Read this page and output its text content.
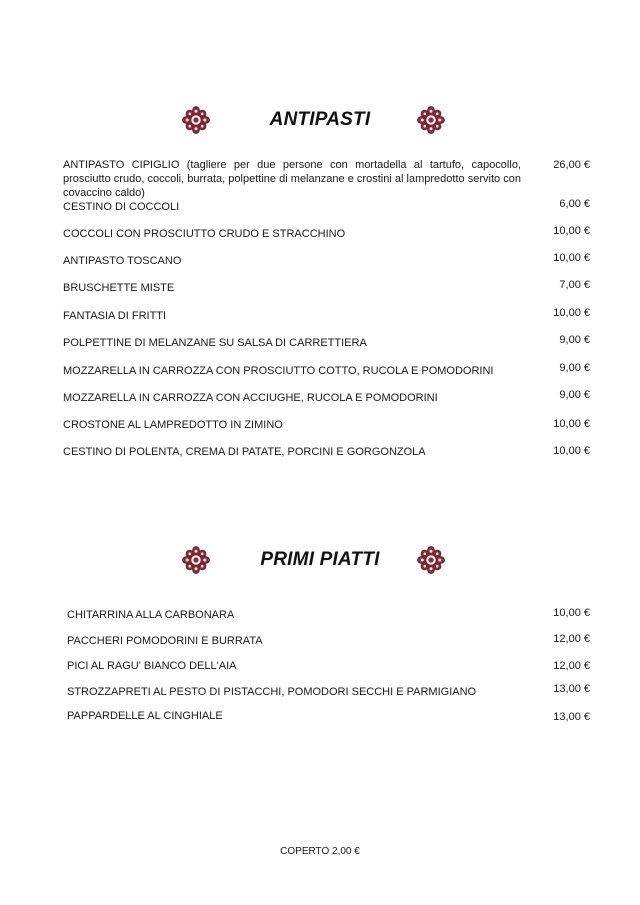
ANTIPASTI
ANTIPASTO CIPIGLIO (tagliere per due persone con mortadella al tartufo, capocollo, prosciutto crudo, coccoli, burrata, polpettine di melanzane e crostini al lampredotto servito con covaccino caldo)
26,00 €
CESTINO DI COCCOLI	6,00 €
COCCOLI CON PROSCIUTTO CRUDO E STRACCHINO	10,00 €
ANTIPASTO TOSCANO	10,00 €
BRUSCHETTE MISTE	7,00 €
FANTASIA DI FRITTI	10,00 €
POLPETTINE DI MELANZANE SU SALSA DI CARRETTIERA	9,00 €
MOZZARELLA IN CARROZZA CON PROSCIUTTO COTTO, RUCOLA E POMODORINI	9,00 €
MOZZARELLA IN CARROZZA CON ACCIUGHE, RUCOLA E POMODORINI	9,00 €
CROSTONE AL LAMPREDOTTO IN ZIMINO	10,00 €
CESTINO DI POLENTA, CREMA DI PATATE, PORCINI E GORGONZOLA	10,00 €
PRIMI PIATTI
CHITARRINA ALLA CARBONARA	10,00 €
PACCHERI POMODORINI E BURRATA	12,00 €
PICI AL RAGU' BIANCO DELL'AIA	12,00 €
STROZZAPRETI AL PESTO DI PISTACCHI, POMODORI SECCHI E PARMIGIANO	13,00 €
PAPPARDELLE AL CINGHIALE	13,00 €
COPERTO 2,00 €
